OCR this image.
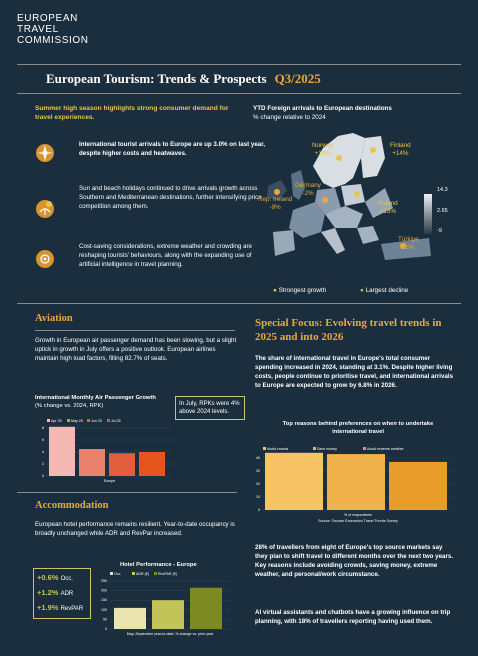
EUROPEAN
TRAVEL
COMMISSION
European Tourism: Trends & Prospects Q3/2025
Summer high season highlights strong consumer demand for travel experiences.
International tourist arrivals to Europe are up 3.0% on last year, despite higher costs and heatwaves.
Sun and beach holidays continued to drive arrivals growth across Southern and Mediterranean destinations, further intensifying price competition among them.
Cost-saving considerations, extreme weather and crowding are reshaping tourists' behaviours, along with the expanding use of artificial intelligence in travel planning.
YTD Foreign arrivals to European destinations
% change relative to 2024
Norway
+14%
Finland
+14%
Germany
-2%
Rep. Ireland
-9%
Poland
+13%
Türkiye
-1%
14.3
2.65
-9
● Strongest growth	● Largest decline
Aviation
Growth in European air passenger demand has been slowing, but a slight uptick in growth in July offers a positive outlook. European airlines maintain high load factors, filling 82.7% of seats.
International Monthly Air Passenger Growth
(% change vs. 2024, RPK)
Apr 25	May 25 Jun 25	Jul 25
8
6
4
2
0
Europe
In July, RPKs were 4% above 2024 levels.
Accommodation
European hotel performance remains resilient. Year-to-date occupancy is broadly unchanged while ADR and RevPar increased.
+0.6% Occ.
+1.2% ADR
+1.9% RevPAR
Hotel Performance - Europe
Occ	ADR (€)	RevPAR (€)
250
200
150
100
50
0
May–September year-to-date, % change vs. prior year
Special Focus: Evolving travel trends in 2025 and into 2026
The share of international travel in Europe's total consumer spending increased in 2024, standing at 3.1%. Despite higher living costs, people continue to prioritise travel, and international arrivals to Europe are expected to grow by 6.8% in 2026.
Top reasons behind preferences on when to undertake international travel
Avoid crowds	Save money	Avoid extreme weather
40
30
20
10
0
% of respondents
Source: Tourism Economics Travel Trends Survey
28% of travellers from eight of Europe's top source markets say they plan to shift travel to different months over the next two years. Key reasons include avoiding crowds, saving money, extreme weather, and personal/work circumstance.
AI virtual assistants and chatbots have a growing influence on trip planning, with 18% of travellers reporting having used them.
